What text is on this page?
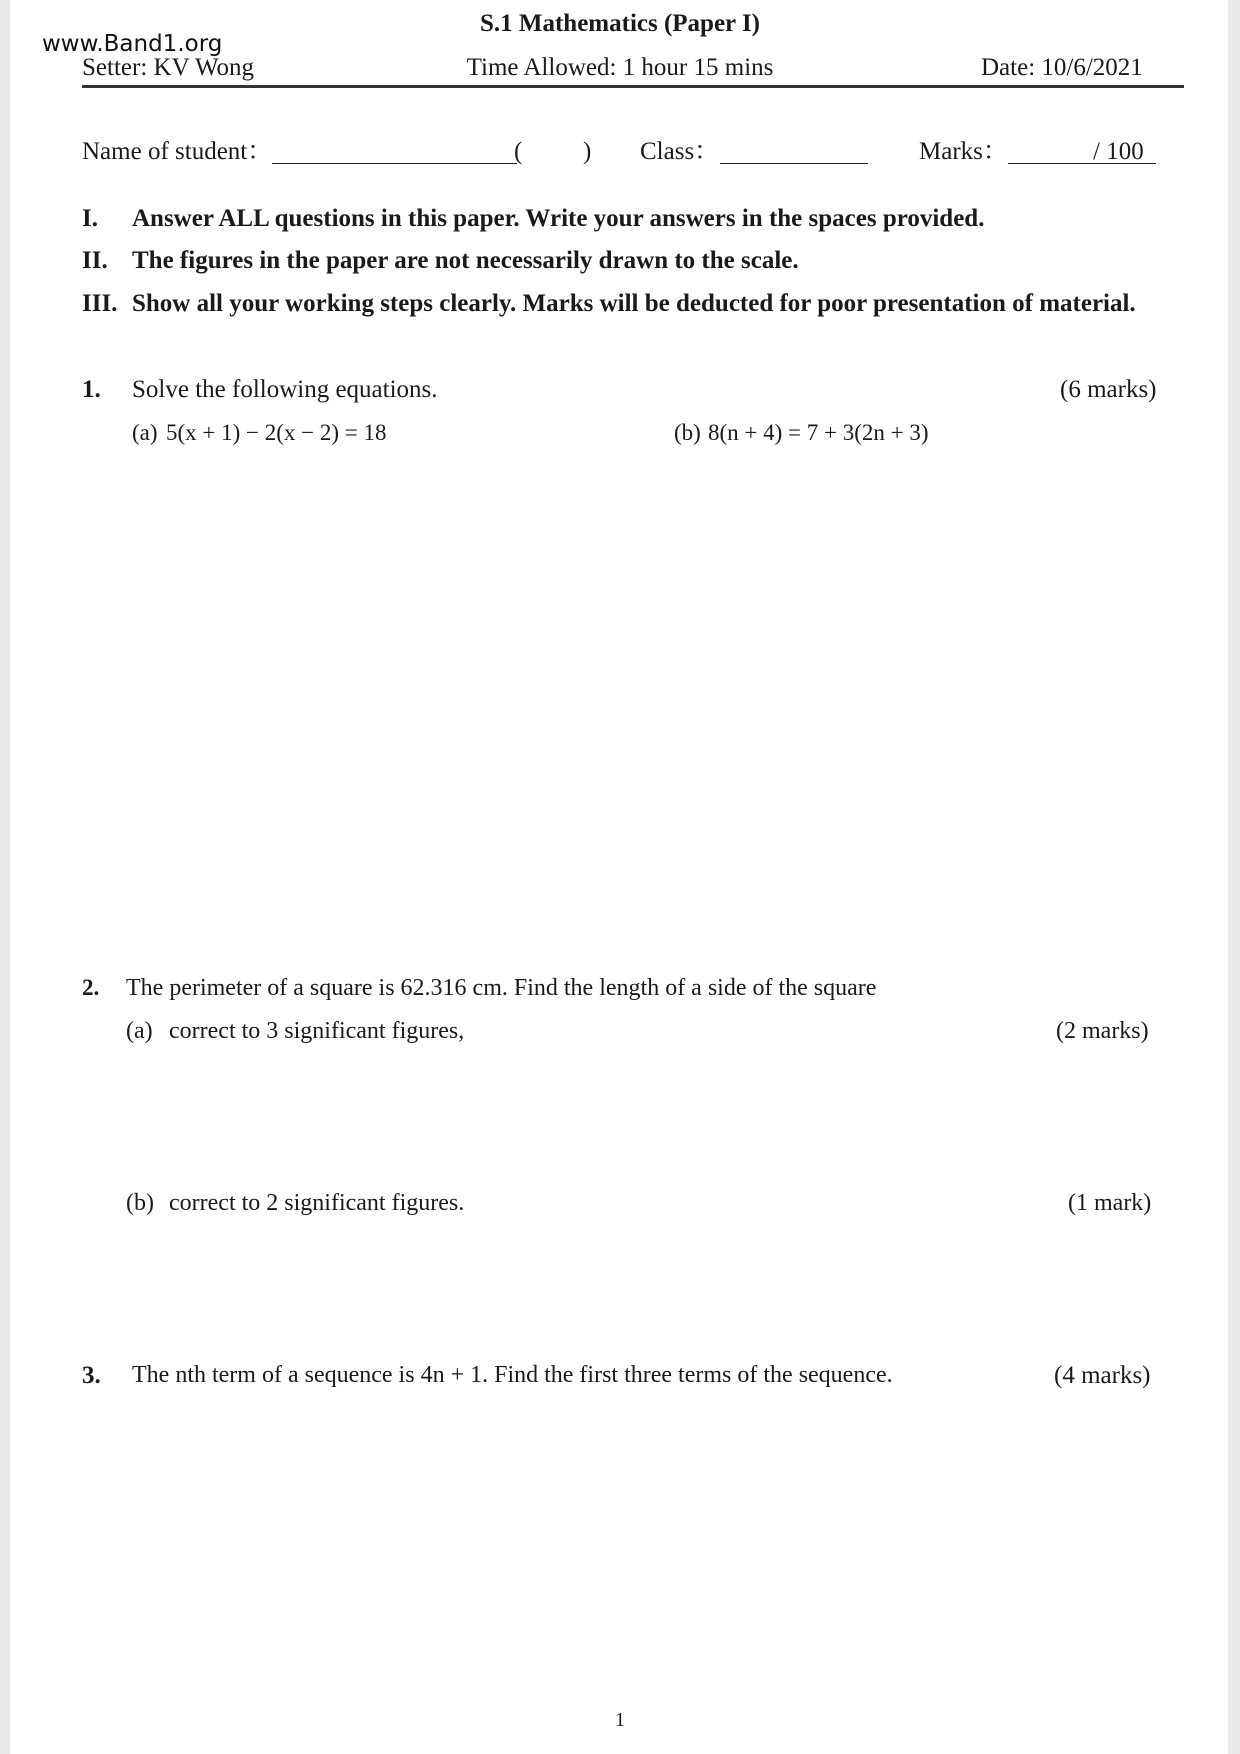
S.1 Mathematics (Paper I)
Setter: KV Wong
www.Band1.org
Time Allowed: 1 hour 15 mins	Date: 10/6/2021
Name of student：	( ) Class：	Marks：	/ 100
I. Answer ALL questions in this paper. Write your answers in the spaces provided.
II. The figures in the paper are not necessarily drawn to the scale.
III. Show all your working steps clearly. Marks will be deducted for poor presentation of material.
1. Solve the following equations.	(6 marks)
(a) 5(x + 1) − 2(x − 2) = 18	(b) 8(n + 4) = 7 + 3(2n + 3)
2. The perimeter of a square is 62.316 cm. Find the length of a side of the square
(a) correct to 3 significant figures,	(2 marks)
(b) correct to 2 significant figures.	(1 mark)
3. The nth term of a sequence is 4n + 1. Find the first three terms of the sequence.	(4 marks)
1
